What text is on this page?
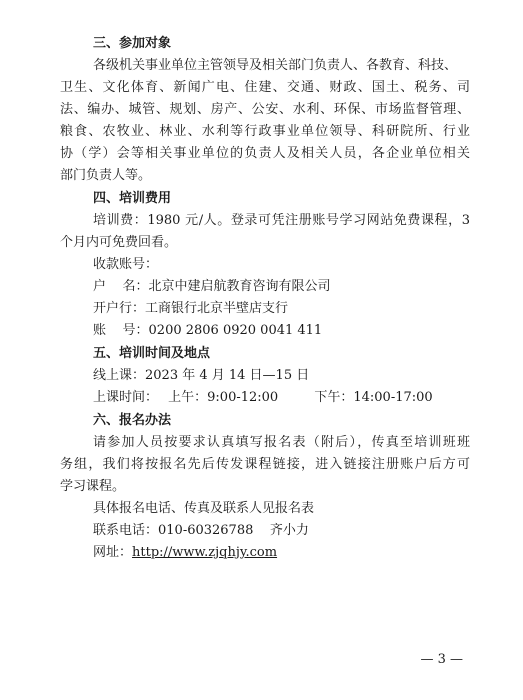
三、参加对象
各级机关事业单位主管领导及相关部门负责人、各教育、科技、
卫生、文化体育、新闻广电、住建、交通、财政、国土、税务、司
法、编办、城管、规划、房产、公安、水利、环保、市场监督管理、
粮食、农牧业、林业、水利等行政事业单位领导、科研院所、行业
协（学）会等相关事业单位的负责人及相关人员，各企业单位相关
部门负责人等。
四、培训费用
培训费：1980 元/人。登录可凭注册账号学习网站免费课程，3
个月内可免费回看。
收款账号：
户    名：北京中建启航教育咨询有限公司
开户行：工商银行北京半壁店支行
账    号：0200 2806 0920 0041 411
五、培训时间及地点
线上课：2023 年 4 月 14 日—15 日
上课时间： 上午：9:00-12:00	下午：14:00-17:00
六、报名办法
请参加人员按要求认真填写报名表（附后），传真至培训班班
务组，我们将按报名先后传发课程链接，进入链接注册账户后方可
学习课程。
具体报名电话、传真及联系人见报名表
联系电话：010-60326788    齐小力
网址：http://www.zjqhjy.com
— 3 —
